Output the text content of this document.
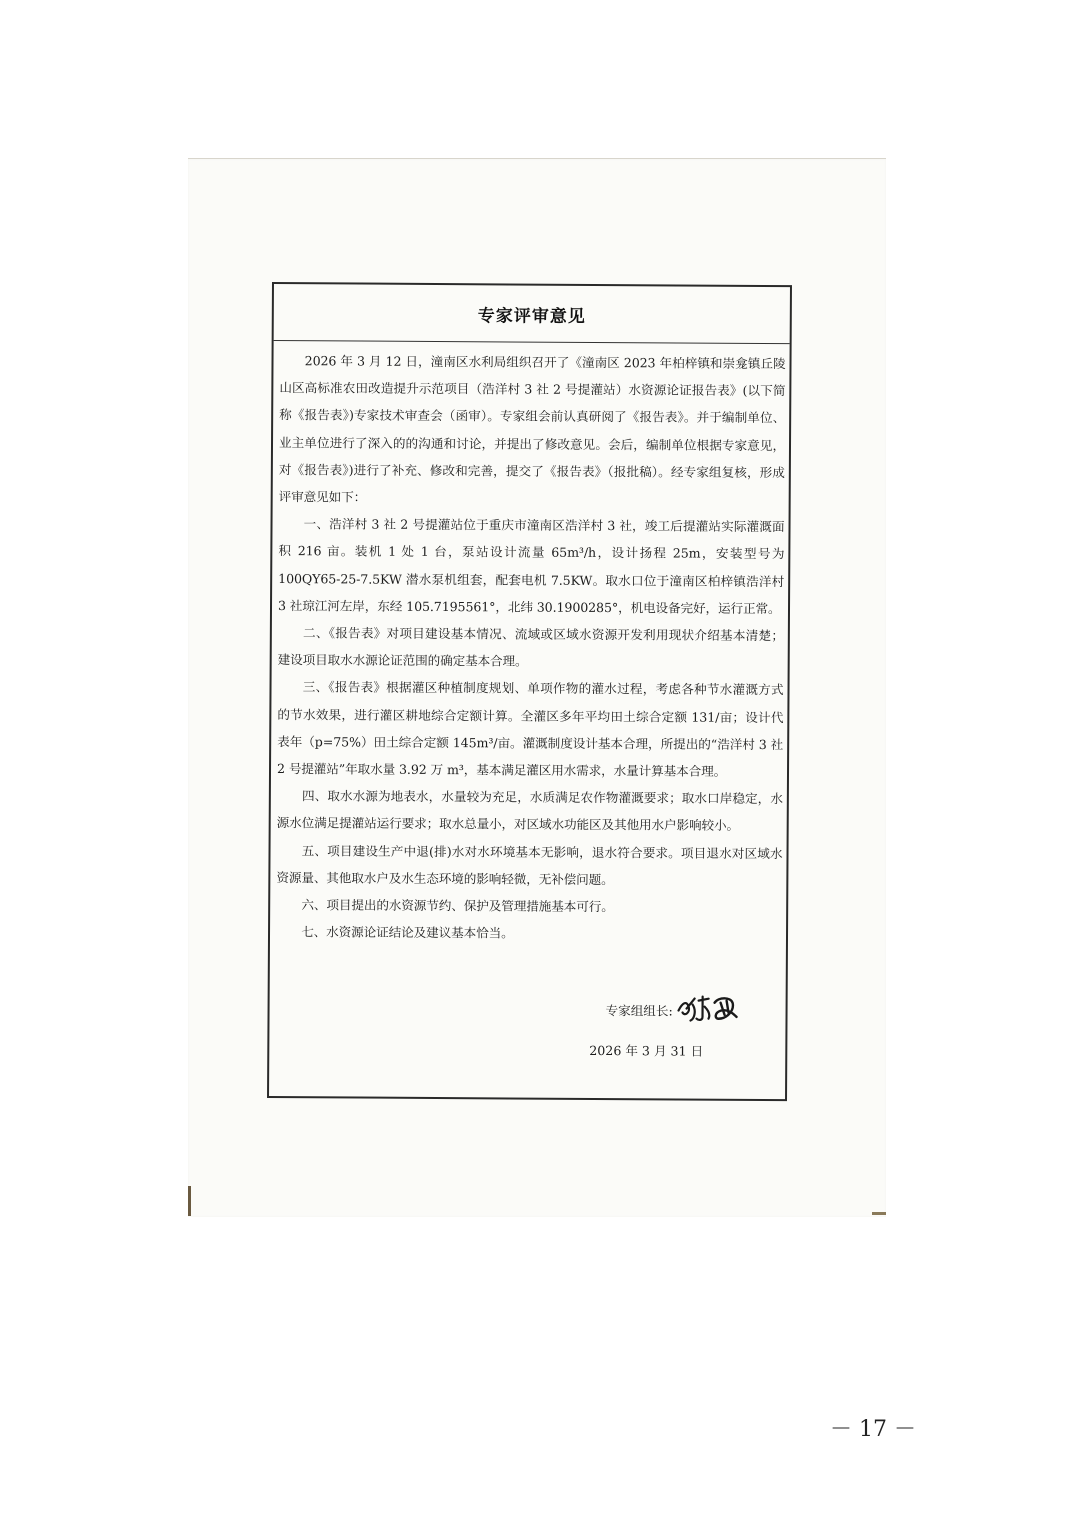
专家评审意见

2026 年 3 月 12 日，潼南区水利局组织召开了《潼南区 2023 年柏梓镇和崇龛镇丘陵山区高标准农田改造提升示范项目（浩洋村 3 社 2 号提灌站）水资源论证报告表》(以下简称《报告表》)专家技术审查会（函审）。专家组会前认真研阅了《报告表》。并于编制单位、业主单位进行了深入的的沟通和讨论，并提出了修改意见。会后，编制单位根据专家意见，对《报告表》)进行了补充、修改和完善，提交了《报告表》（报批稿）。经专家组复核，形成评审意见如下：

一、浩洋村 3 社 2 号提灌站位于重庆市潼南区浩洋村 3 社，竣工后提灌站实际灌溉面积 216 亩。装机 1 处 1 台，泵站设计流量 65m³/h，设计扬程 25m，安装型号为 100QY65-25-7.5KW 潜水泵机组套，配套电机 7.5KW。取水口位于潼南区柏梓镇浩洋村 3 社琼江河左岸，东经 105.7195561°，北纬 30.1900285°，机电设备完好，运行正常。

二、《报告表》对项目建设基本情况、流域或区域水资源开发利用现状介绍基本清楚；建设项目取水水源论证范围的确定基本合理。

三、《报告表》根据灌区种植制度规划、单项作物的灌水过程，考虑各种节水灌溉方式的节水效果，进行灌区耕地综合定额计算。全灌区多年平均田土综合定额 131/亩；设计代表年（p=75%）田土综合定额 145m³/亩。灌溉制度设计基本合理，所提出的“浩洋村 3 社 2 号提灌站”年取水量 3.92 万 m³，基本满足灌区用水需求，水量计算基本合理。

四、取水水源为地表水，水量较为充足，水质满足农作物灌溉要求；取水口岸稳定，水源水位满足提灌站运行要求；取水总量小，对区域水功能区及其他用水户影响较小。

五、项目建设生产中退(排)水对水环境基本无影响，退水符合要求。项目退水对区域水资源量、其他取水户及水生态环境的影响轻微，无补偿问题。

六、项目提出的水资源节约、保护及管理措施基本可行。

七、水资源论证结论及建议基本恰当。

专家组组长:
2026 年 3 月 31 日
－ 17 －
